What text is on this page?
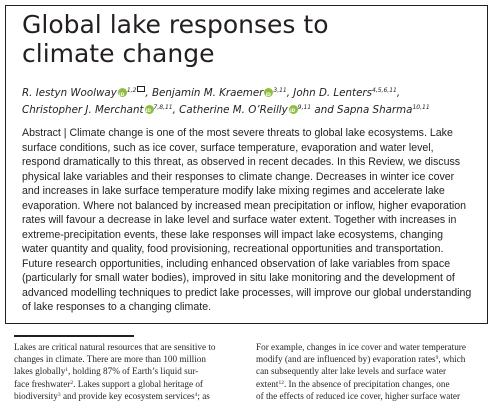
Global lake responses to
climate change
R. Iestyn Woolway iD $^{1,2}$ , Benjamin M. Kraemer iD $^{3,11}$, John D. Lenters$^{4,5,6,11}$,
Christopher J. Merchant iD $^{7,8,11}$, Catherine M. O’Reilly iD $^{9,11}$ and Sapna Sharma$^{10,11}$
Abstract | Climate change is one of the most severe threats to global lake ecosystems. Lake
surface conditions, such as ice cover, surface temperature, evaporation and water level,
respond dramatically to this threat, as observed in recent decades. In this Review, we discuss
physical lake variables and their responses to climate change. Decreases in winter ice cover
and increases in lake surface temperature modify lake mixing regimes and accelerate lake
evaporation. Where not balanced by increased mean precipitation or inflow, higher evaporation
rates will favour a decrease in lake level and surface water extent. Together with increases in
extreme-precipitation events, these lake responses will impact lake ecosystems, changing
water quantity and quality, food provisioning, recreational opportunities and transportation.
Future research opportunities, including enhanced observation of lake variables from space
(particularly for small water bodies), improved in situ lake monitoring and the development of
advanced modelling techniques to predict lake processes, will improve our global understanding
of lake responses to a changing climate.
Lakes are critical natural resources that are sensitive to
changes in climate. There are more than 100 million
lakes globally$^1$, holding 87% of Earth’s liquid sur-
face freshwater$^2$. Lakes support a global heritage of
biodiversity$^3$ and provide key ecosystem services$^4$; as
For example, changes in ice cover and water temperature
modify (and are influenced by) evaporation rates$^9$, which
can subsequently alter lake levels and surface water
extent$^{12}$. In the absence of precipitation changes, one
of the effects of reduced ice cover, higher surface water
